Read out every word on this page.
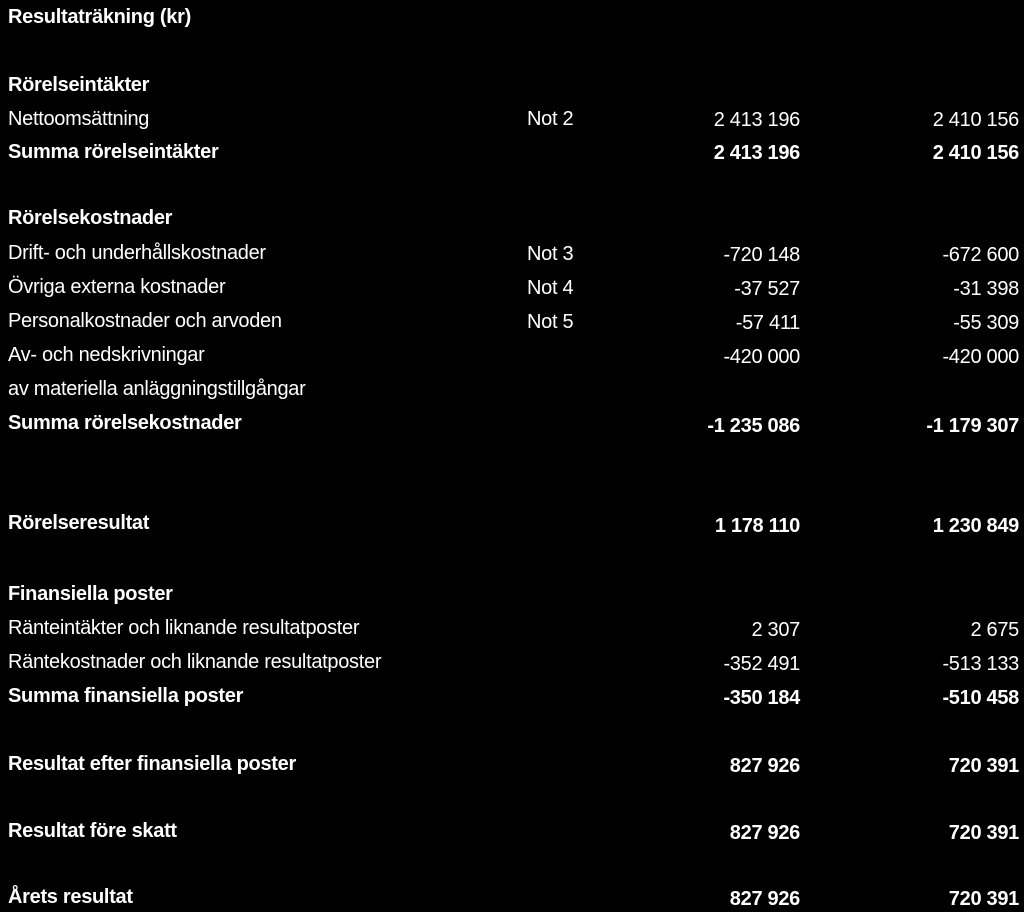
Resultaträkning (kr)
Rörelseintäkter
Nettoomsättning	Not 2	2 413 196	2 410 156
Summa rörelseintäkter	2 413 196	2 410 156
Rörelsekostnader
Drift- och underhållskostnader	Not 3	-720 148	-672 600
Övriga externa kostnader	Not 4	-37 527	-31 398
Personalkostnader och arvoden	Not 5	-57 411	-55 309
Av- och nedskrivningar	-420 000	-420 000
av materiella anläggningstillgångar
Summa rörelsekostnader	-1 235 086	-1 179 307
Rörelseresultat	1 178 110	1 230 849
Finansiella poster
Ränteintäkter och liknande resultatposter	2 307	2 675
Räntekostnader och liknande resultatposter	-352 491	-513 133
Summa finansiella poster	-350 184	-510 458
Resultat efter finansiella poster	827 926	720 391
Resultat före skatt	827 926	720 391
Årets resultat	827 926	720 391
